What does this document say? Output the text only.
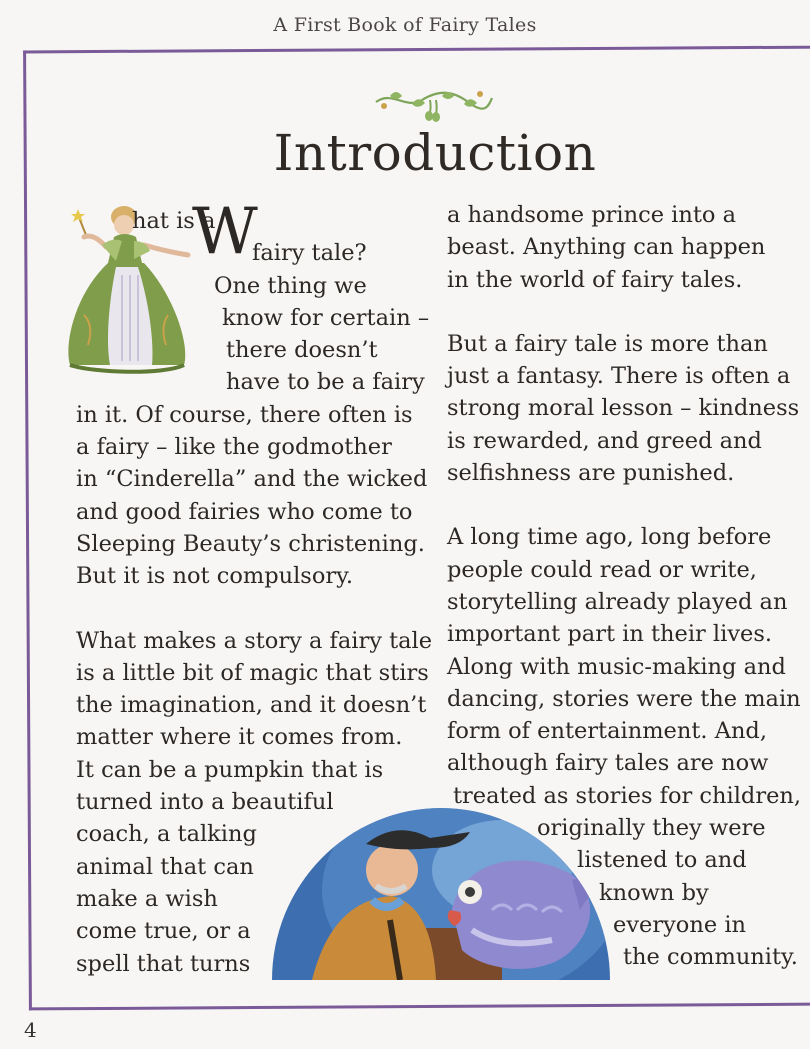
A First Book of Fairy Tales
Introduction
W
hat is a
fairy tale?
One thing we
know for certain –
there doesn’t
have to be a fairy
in it. Of course, there often is
a fairy – like the godmother
in “Cinderella” and the wicked
and good fairies who come to
Sleeping Beauty’s christening.
But it is not compulsory.
What makes a story a fairy tale
is a little bit of magic that stirs
the imagination, and it doesn’t
matter where it comes from.
It can be a pumpkin that is
turned into a beautiful
coach, a talking
animal that can
make a wish
come true, or a
spell that turns
a handsome prince into a
beast. Anything can happen
in the world of fairy tales.
But a fairy tale is more than
just a fantasy. There is often a
strong moral lesson – kindness
is rewarded, and greed and
selfishness are punished.
A long time ago, long before
people could read or write,
storytelling already played an
important part in their lives.
Along with music-making and
dancing, stories were the main
form of entertainment. And,
although fairy tales are now
treated as stories for children,
originally they were
listened to and
known by
everyone in
the community.
4
